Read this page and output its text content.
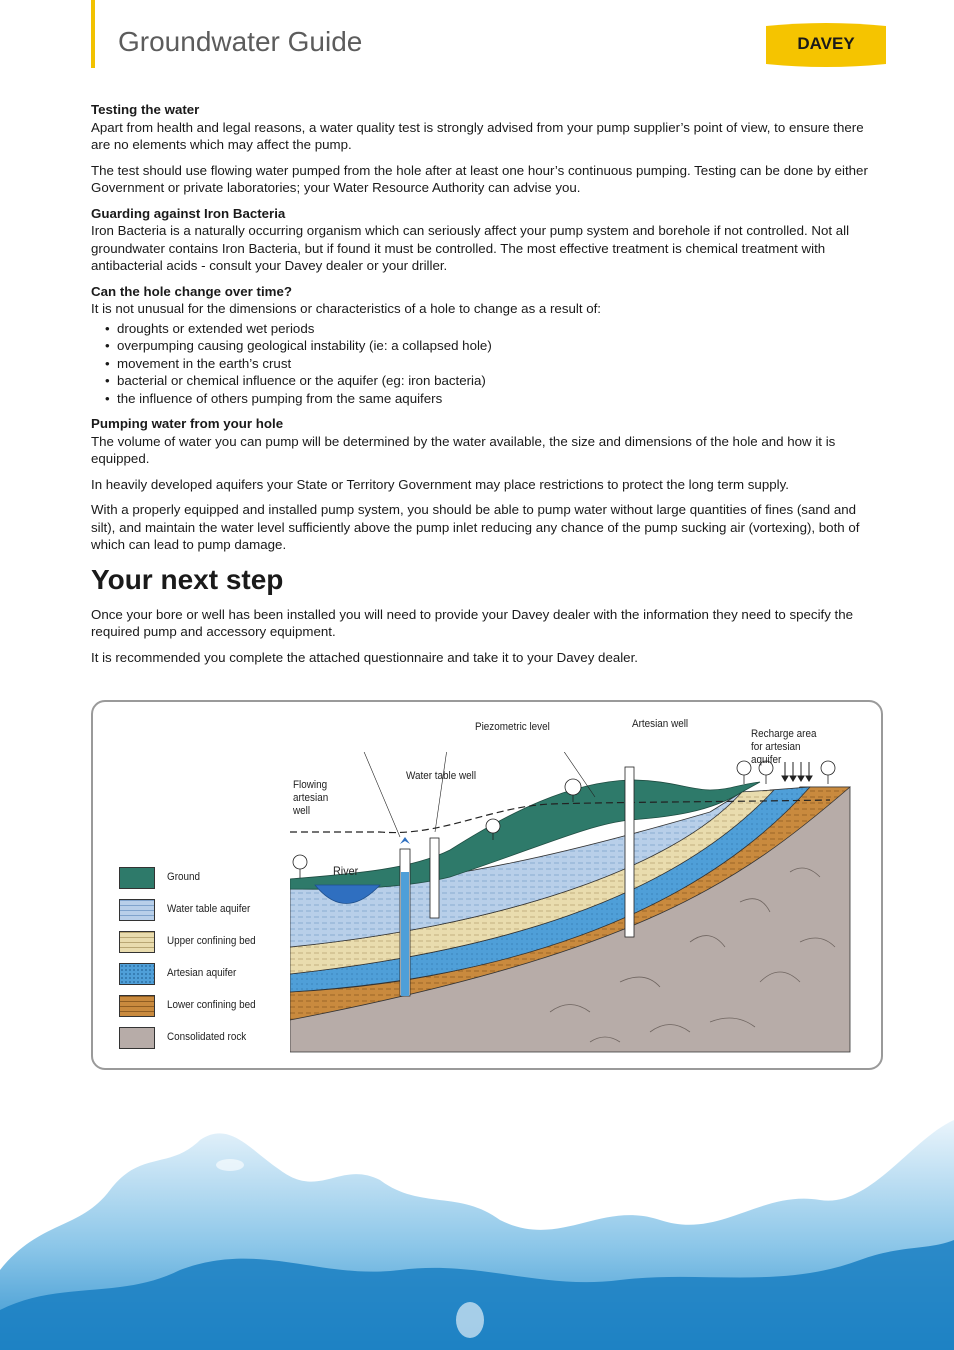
Groundwater Guide	DAVEY
Testing the water

Apart from health and legal reasons, a water quality test is strongly advised from your pump supplier’s point of view, to ensure there are no elements which may affect the pump.

The test should use flowing water pumped from the hole after at least one hour’s continuous pumping. Testing can be done by either Government or private laboratories; your Water Resource Authority can advise you.

Guarding against Iron Bacteria

Iron Bacteria is a naturally occurring organism which can seriously affect your pump system and borehole if not controlled. Not all groundwater contains Iron Bacteria, but if found it must be controlled. The most effective treatment is chemical treatment with antibacterial acids - consult your Davey dealer or your driller.

Can the hole change over time?

It is not unusual for the dimensions or characteristics of a hole to change as a result of:

• droughts or extended wet periods
• overpumping causing geological instability (ie: a collapsed hole)
• movement in the earth’s crust
• bacterial or chemical influence or the aquifer (eg: iron bacteria)
• the influence of others pumping from the same aquifers
Pumping water from your hole

The volume of water you can pump will be determined by the water available, the size and dimensions of the hole and how it is equipped.

In heavily developed aquifers your State or Territory Government may place restrictions to protect the long term supply.

With a properly equipped and installed pump system, you should be able to pump water without large quantities of fines (sand and silt), and maintain the water level sufficiently above the pump inlet reducing any chance of the pump sucking air (vortexing), both of which can lead to pump damage.

Your next step

Once your bore or well has been installed you will need to provide your Davey dealer with the information they need to specify the required pump and accessory equipment.

It is recommended you complete the attached questionnaire and take it to your Davey dealer.

Ground
Water table aquifer
Upper confining bed
Artesian aquifer
Lower confining bed
Consolidated rock
Piezometric level	Artesian well
Recharge area for artesian aquifer
Flowing artesian well
Water table well
River
